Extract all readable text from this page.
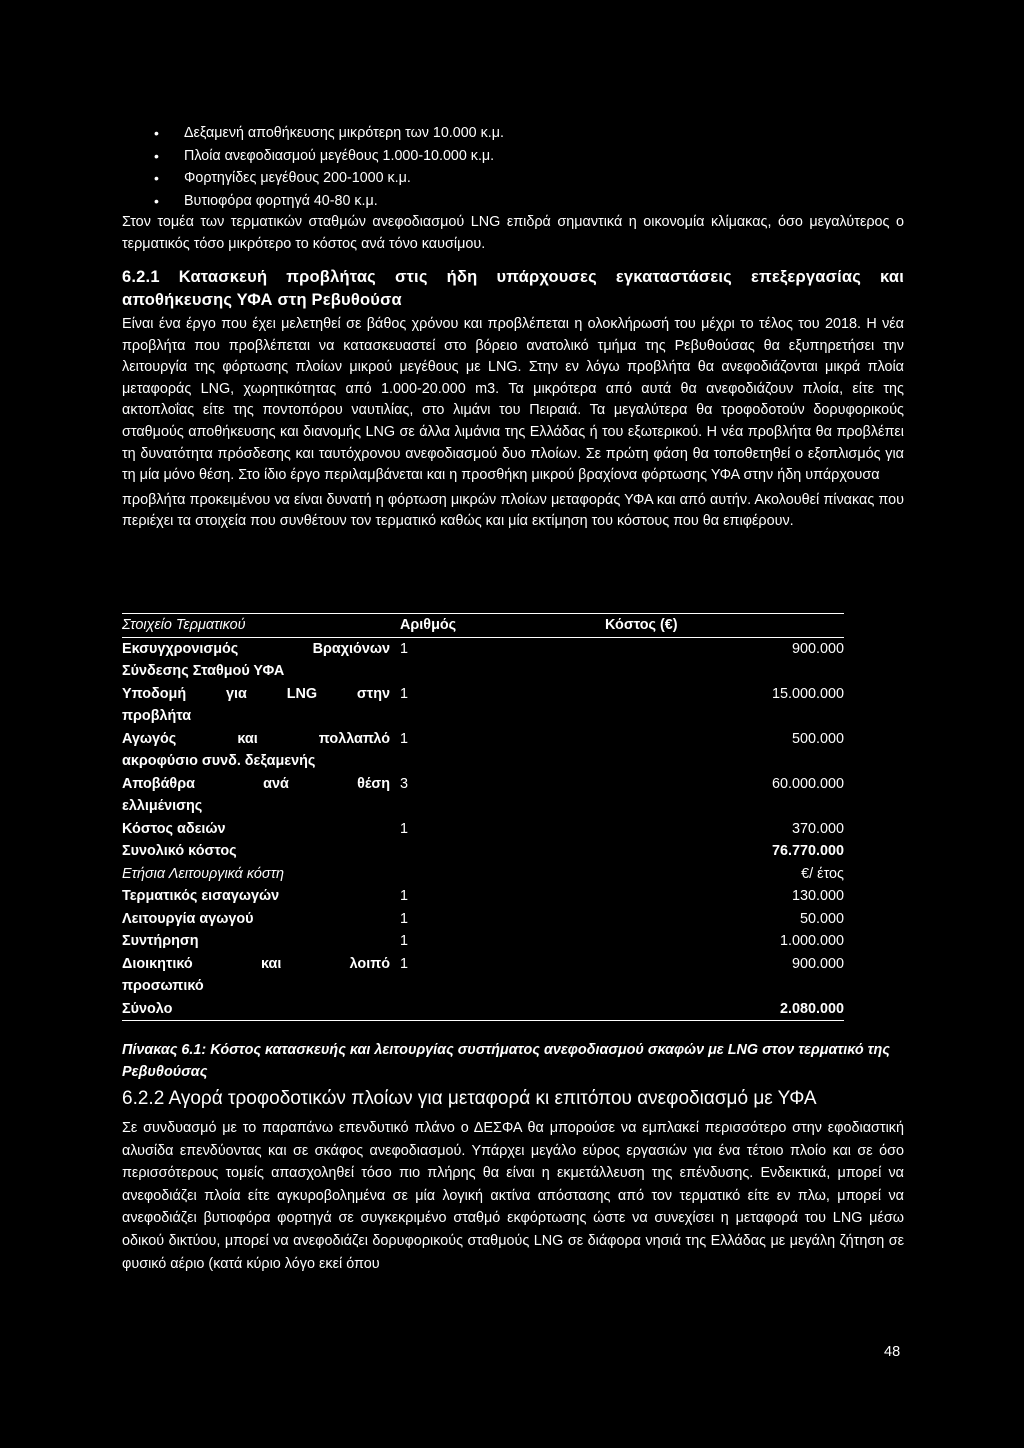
• Δεξαμενή αποθήκευσης μικρότερη των 10.000 κ.μ.
• Πλοία ανεφοδιασμού μεγέθους 1.000-10.000 κ.μ.
• Φορτηγίδες μεγέθους 200-1000 κ.μ.
• Βυτιοφόρα φορτηγά 40-80 κ.μ.

Στον τομέα των τερματικών σταθμών ανεφοδιασμού LNG επιδρά σημαντικά η οικονομία κλίμακας, όσο μεγαλύτερος ο τερματικός τόσο μικρότερο το κόστος ανά τόνο καυσίμου.

6.2.1 Κατασκευή προβλήτας στις ήδη υπάρχουσες εγκαταστάσεις επεξεργασίας και αποθήκευσης ΥΦΑ στη Ρεβυθούσα

Είναι ένα έργο που έχει μελετηθεί σε βάθος χρόνου και προβλέπεται η ολοκλήρωσή του μέχρι το τέλος του 2018. Η νέα προβλήτα που προβλέπεται να κατασκευαστεί στο βόρειο ανατολικό τμήμα της Ρεβυθούσας θα εξυπηρετήσει την λειτουργία της φόρτωσης πλοίων μικρού μεγέθους με LNG. Στην εν λόγω προβλήτα θα ανεφοδιάζονται μικρά πλοία μεταφοράς LNG, χωρητικότητας από 1.000-20.000 m3. Τα μικρότερα από αυτά θα ανεφοδιάζουν πλοία, είτε της ακτοπλοΐας είτε της ποντοπόρου ναυτιλίας, στο λιμάνι του Πειραιά. Τα μεγαλύτερα θα τροφοδοτούν δορυφορικούς σταθμούς αποθήκευσης και διανομής LNG σε άλλα λιμάνια της Ελλάδας ή του εξωτερικού. Η νέα προβλήτα θα προβλέπει τη δυνατότητα πρόσδεσης και ταυτόχρονου ανεφοδιασμού δυο πλοίων. Σε πρώτη φάση θα τοποθετηθεί ο εξοπλισμός για τη μία μόνο θέση. Στο ίδιο έργο περιλαμβάνεται και η προσθήκη μικρού βραχίονα φόρτωσης ΥΦΑ στην ήδη υπάρχουσα

προβλήτα προκειμένου να είναι δυνατή η φόρτωση μικρών πλοίων μεταφοράς ΥΦΑ και από αυτήν. Ακολουθεί πίνακας που περιέχει τα στοιχεία που συνθέτουν τον τερματικό καθώς και μία εκτίμηση του κόστους που θα επιφέρουν.

Στοιχείο Τερματικού	Αριθμός	Κόστος (€)
Εκσυγχρονισμός Βραχιόνων	1	900.000
Σύνδεσης Σταθμού ΥΦΑ		
Υποδομή για LNG στην	1	15.000.000
προβλήτα		
Αγωγός και πολλαπλό	1	500.000
ακροφύσιο συνδ. δεξαμενής		
Αποβάθρα ανά θέση	3	60.000.000
ελλιμένισης		
Κόστος αδειών	1	370.000
Συνολικό κόστος		76.770.000
Ετήσια Λειτουργικά κόστη		€/ έτος
Τερματικός εισαγωγών	1	130.000
Λειτουργία αγωγού	1	50.000
Συντήρηση	1	1.000.000
Διοικητικό και λοιπό	1	900.000
προσωπικό		
Σύνολο		2.080.000

Πίνακας 6.1: Κόστος κατασκευής και λειτουργίας συστήματος ανεφοδιασμού σκαφών με LNG στον τερματικό της Ρεβυθούσας

6.2.2 Αγορά τροφοδοτικών πλοίων για μεταφορά κι επιτόπου ανεφοδιασμό με ΥΦΑ

Σε συνδυασμό με το παραπάνω επενδυτικό πλάνο ο ΔΕΣΦΑ θα μπορούσε να εμπλακεί περισσότερο στην εφοδιαστική αλυσίδα επενδύοντας και σε σκάφος ανεφοδιασμού. Υπάρχει μεγάλο εύρος εργασιών για ένα τέτοιο πλοίο και σε όσο περισσότερους τομείς απασχοληθεί τόσο πιο πλήρης θα είναι η εκμετάλλευση της επένδυσης. Ενδεικτικά, μπορεί να ανεφοδιάζει πλοία είτε αγκυροβολημένα σε μία λογική ακτίνα απόστασης από τον τερματικό είτε εν πλω, μπορεί να ανεφοδιάζει βυτιοφόρα φορτηγά σε συγκεκριμένο σταθμό εκφόρτωσης ώστε να συνεχίσει η μεταφορά του LNG μέσω οδικού δικτύου, μπορεί να ανεφοδιάζει δορυφορικούς σταθμούς LNG σε διάφορα νησιά της Ελλάδας με μεγάλη ζήτηση σε φυσικό αέριο (κατά κύριο λόγο εκεί όπου

48
